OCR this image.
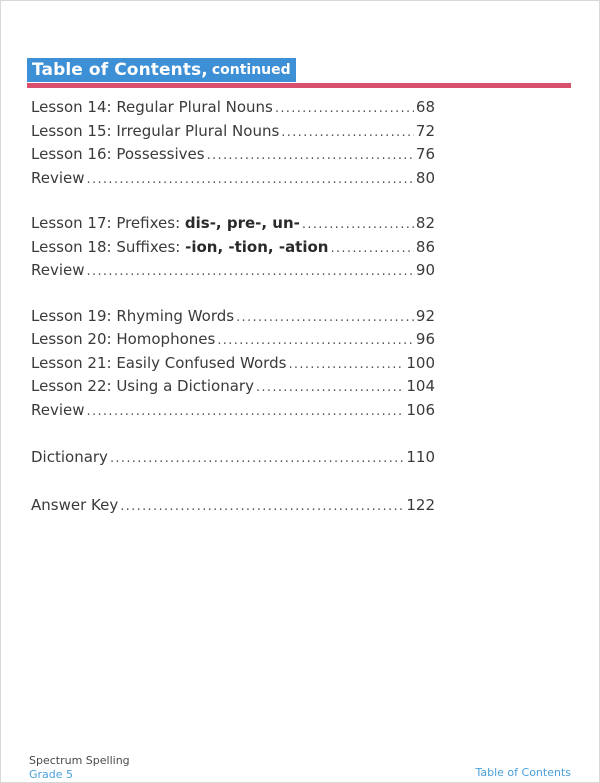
Table of Contents, continued
Lesson 14: Regular Plural Nouns . . .	68
Lesson 15: Irregular Plural Nouns . . .	72
Lesson 16: Possessives . . .	76
Review . . .	80
Lesson 17: Prefixes: dis-, pre-, un- . . .	82
Lesson 18: Suffixes: -ion, -tion, -ation . . .	86
Review . . .	90
Lesson 19: Rhyming Words . . .	92
Lesson 20: Homophones . . .	96
Lesson 21: Easily Confused Words . . .	100
Lesson 22: Using a Dictionary . . .	104
Review . . .	106
Dictionary . . .	110
Answer Key . . .	122
Spectrum Spelling
Grade 5	Table of Contents
